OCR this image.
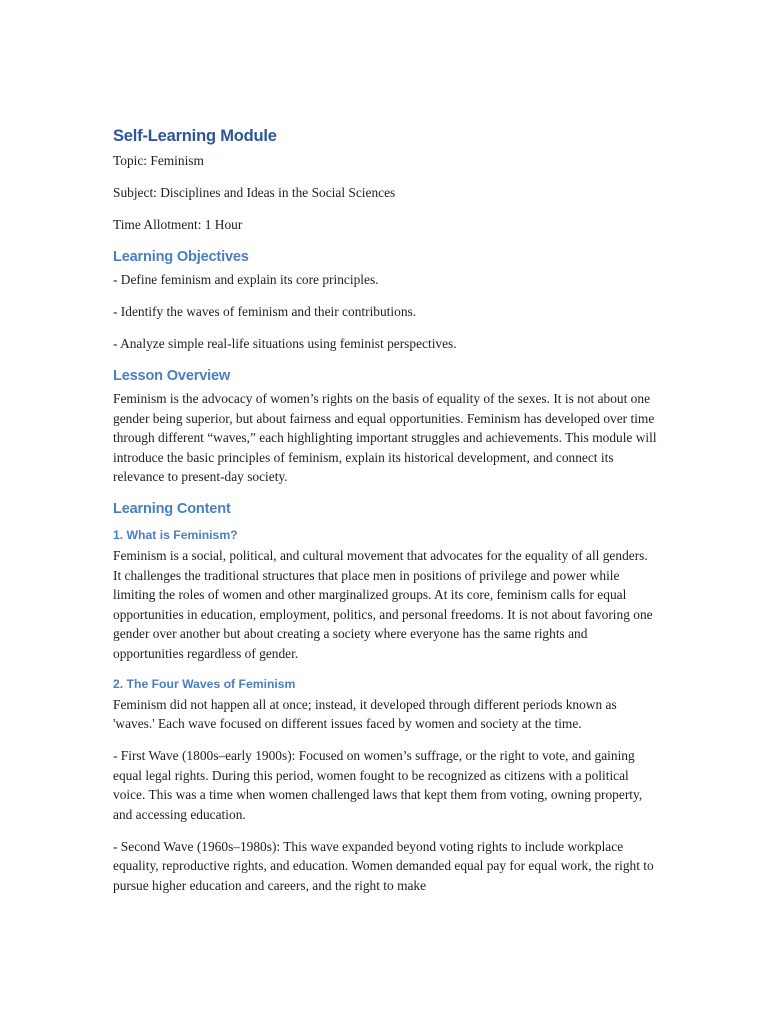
Self-Learning Module

Topic: Feminism

Subject: Disciplines and Ideas in the Social Sciences

Time Allotment: 1 Hour

Learning Objectives

- Define feminism and explain its core principles.

- Identify the waves of feminism and their contributions.

- Analyze simple real-life situations using feminist perspectives.

Lesson Overview

Feminism is the advocacy of women’s rights on the basis of equality of the sexes. It is not about one gender being superior, but about fairness and equal opportunities. Feminism has developed over time through different “waves,” each highlighting important struggles and achievements. This module will introduce the basic principles of feminism, explain its historical development, and connect its relevance to present-day society.

Learning Content
1. What is Feminism?

Feminism is a social, political, and cultural movement that advocates for the equality of all genders. It challenges the traditional structures that place men in positions of privilege and power while limiting the roles of women and other marginalized groups. At its core, feminism calls for equal opportunities in education, employment, politics, and personal freedoms. It is not about favoring one gender over another but about creating a society where everyone has the same rights and opportunities regardless of gender.

2. The Four Waves of Feminism

Feminism did not happen all at once; instead, it developed through different periods known as 'waves.' Each wave focused on different issues faced by women and society at the time.

- First Wave (1800s–early 1900s): Focused on women’s suffrage, or the right to vote, and gaining equal legal rights. During this period, women fought to be recognized as citizens with a political voice. This was a time when women challenged laws that kept them from voting, owning property, and accessing education.

- Second Wave (1960s–1980s): This wave expanded beyond voting rights to include workplace equality, reproductive rights, and education. Women demanded equal pay for equal work, the right to pursue higher education and careers, and the right to make
